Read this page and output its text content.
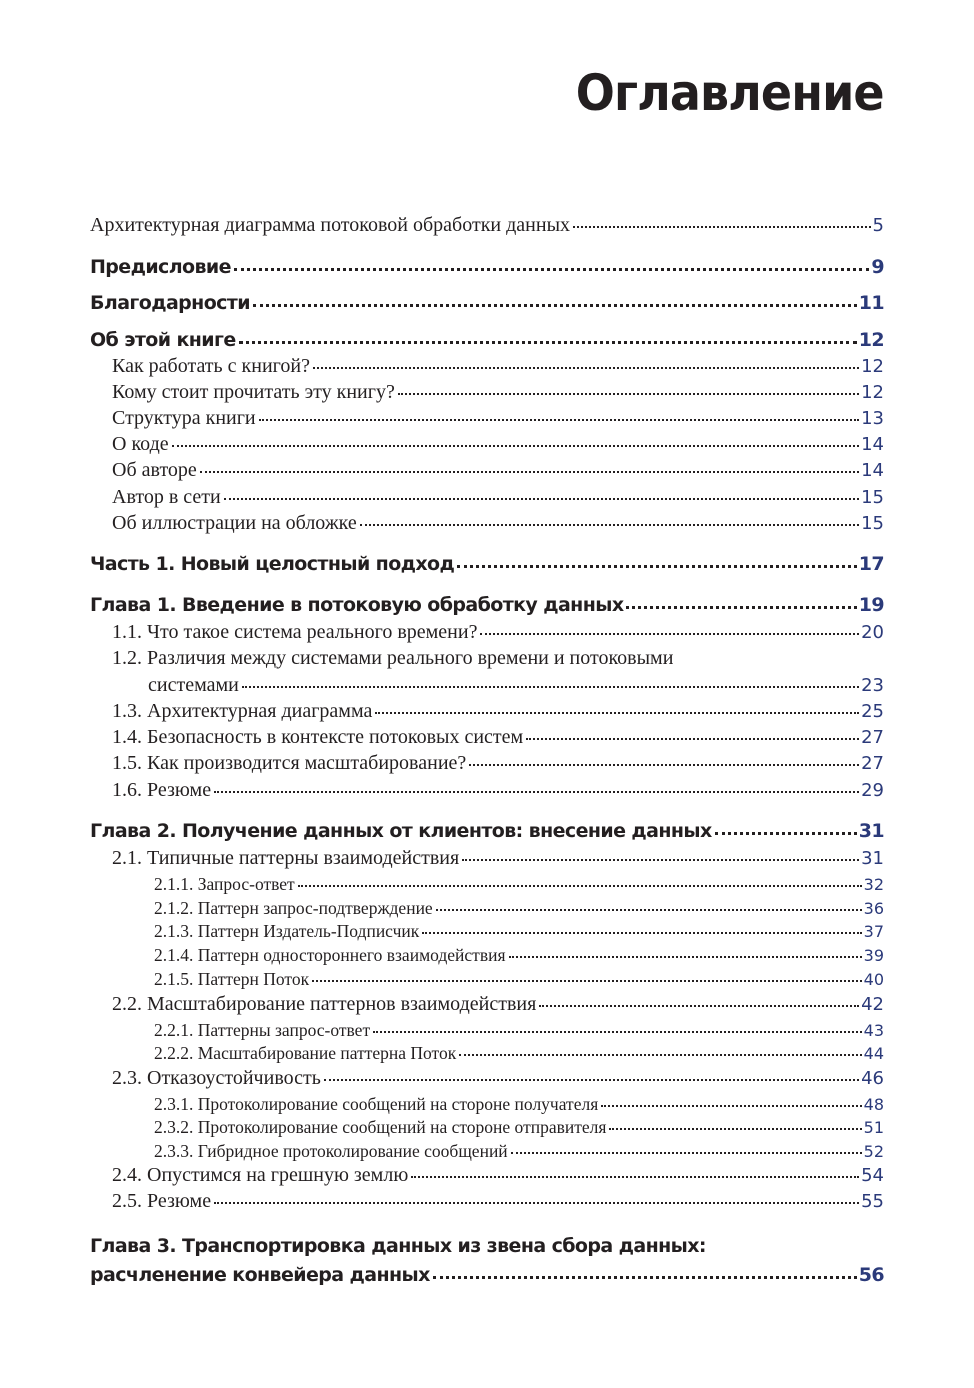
Оглавление
Архитектурная диаграмма потоковой обработки данных	5
Предисловие	9
Благодарности	11
Об этой книге	12
Как работать с книгой?	12
Кому стоит прочитать эту книгу?	12
Структура книги	13
О коде	14
Об авторе	14
Автор в сети	15
Об иллюстрации на обложке	15
Часть 1. Новый целостный подход	17
Глава 1. Введение в потоковую обработку данных	19
1.1. Что такое система реального времени?	20
1.2. Различия между системами реального времени и потоковыми
системами	23
1.3. Архитектурная диаграмма	25
1.4. Безопасность в контексте потоковых систем	27
1.5. Как производится масштабирование?	27
1.6. Резюме	29
Глава 2. Получение данных от клиентов: внесение данных	31
2.1. Типичные паттерны взаимодействия	31
2.1.1. Запрос-ответ	32
2.1.2. Паттерн запрос-подтверждение	36
2.1.3. Паттерн Издатель-Подписчик	37
2.1.4. Паттерн одностороннего взаимодействия	39
2.1.5. Паттерн Поток	40
2.2. Масштабирование паттернов взаимодействия	42
2.2.1. Паттерны запрос-ответ	43
2.2.2. Масштабирование паттерна Поток	44
2.3. Отказоустойчивость	46
2.3.1. Протоколирование сообщений на стороне получателя	48
2.3.2. Протоколирование сообщений на стороне отправителя	51
2.3.3. Гибридное протоколирование сообщений	52
2.4. Опустимся на грешную землю	54
2.5. Резюме	55
Глава 3. Транспортировка данных из звена сбора данных:
расчленение конвейера данных	56
